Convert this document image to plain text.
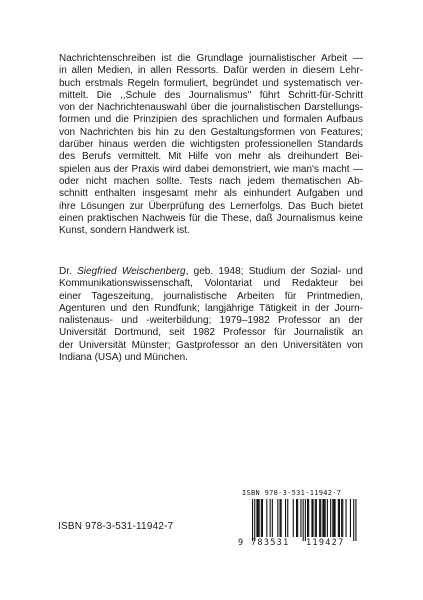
Nachrichtenschreiben ist die Grundlage journalistischer Arbeit —
in allen Medien, in allen Ressorts. Dafür werden in diesem Lehr-
buch erstmals Regeln formuliert, begründet und systematisch ver-
mittelt. Die ,,Schule des Journalismus'' führt Schritt-für-Schritt
von der Nachrichtenauswahl über die journalistischen Darstellungs-
formen und die Prinzipien des sprachlichen und formalen Aufbaus
von Nachrichten bis hin zu den Gestaltungsformen von Features;
darüber hinaus werden die wichtigsten professionellen Standards
des Berufs vermittelt. Mit Hilfe von mehr als dreihundert Bei-
spielen aus der Praxis wird dabei demonstriert, wie man's macht —
oder nicht machen sollte. Tests nach jedem thematischen Ab-
schnitt enthalten insgesamt mehr als einhundert Aufgaben und
ihre Lösungen zur Überprüfung des Lernerfolgs. Das Buch bietet
einen praktischen Nachweis für die These, daß Journalismus keine
Kunst, sondern Handwerk ist.
Dr. Siegfried Weischenberg, geb. 1948; Studium der Sozial- und
Kommunikationswissenschaft, Volontariat und Redakteur bei
einer Tageszeitung, journalistische Arbeiten für Printmedien,
Agenturen und den Rundfunk; langjährige Tätigkeit in der Journ-
nalistenaus- und -weiterbildung; 1979–1982 Professor an der
Universität Dortmund, seit 1982 Professor für Journalistik an
der Universität Münster; Gastprofessor an den Universitäten von
Indiana (USA) und München.
ISBN 978-3-531-11942-7
ISBN 978-3-531-11942-7
9 783531 119427
